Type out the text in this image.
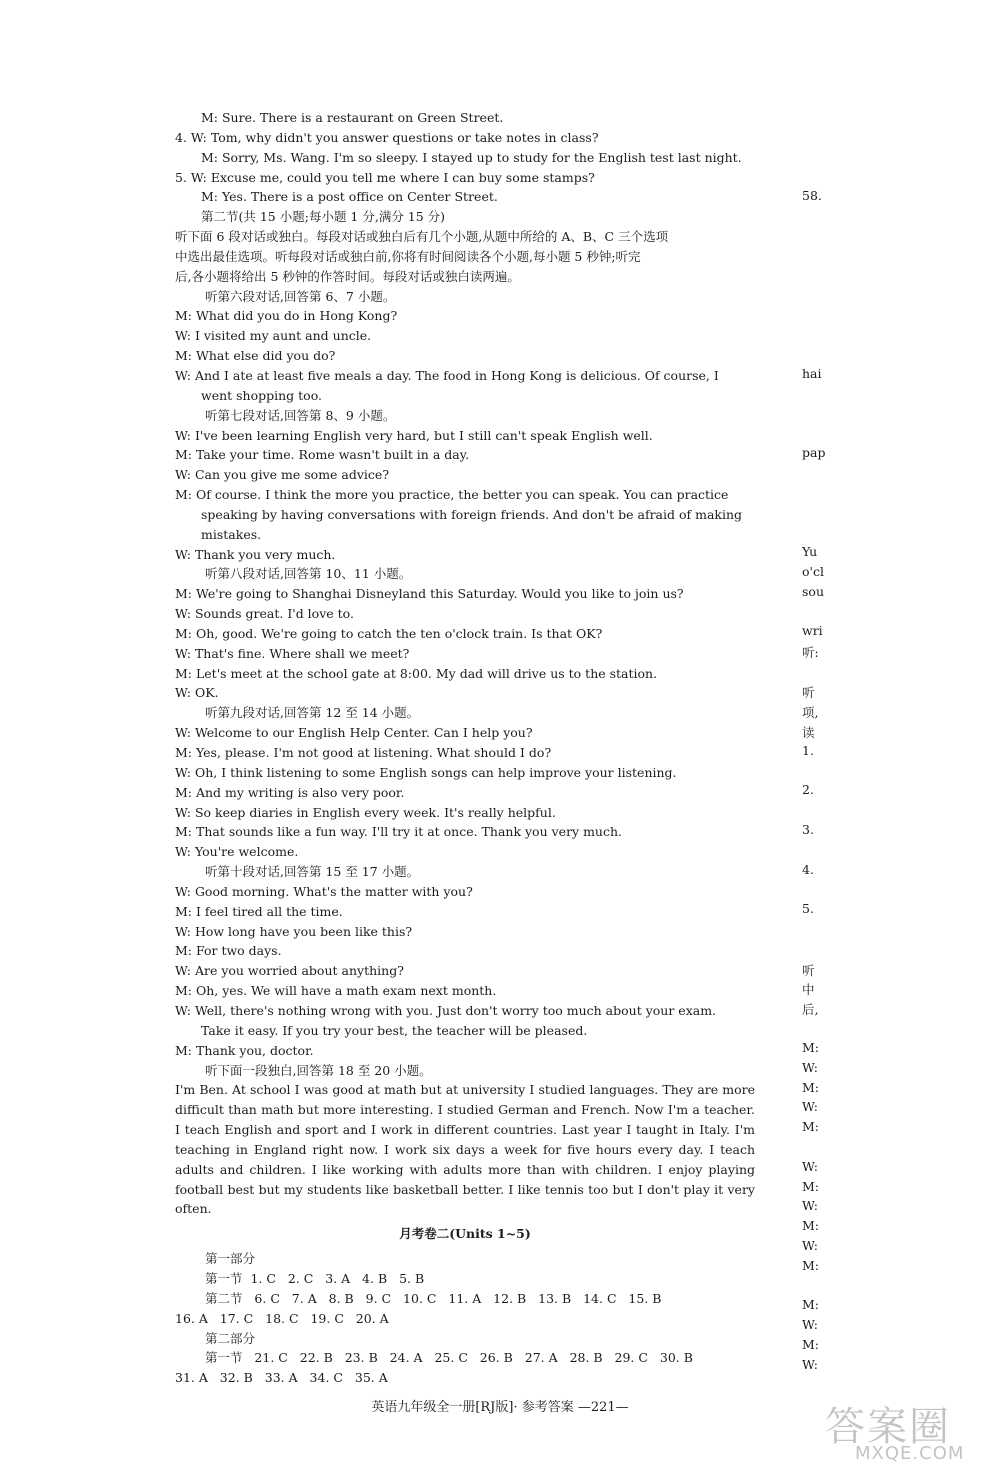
M: Sure. There is a restaurant on Green Street.
4. W: Tom, why didn't you answer questions or take notes in class?
M: Sorry, Ms. Wang. I'm so sleepy. I stayed up to study for the English test last night.
5. W: Excuse me, could you tell me where I can buy some stamps?
M: Yes. There is a post office on Center Street.
第二节(共 15 小题;每小题 1 分,满分 15 分)
听下面 6 段对话或独白。每段对话或独白后有几个小题,从题中所给的 A、B、C 三个选项
中选出最佳选项。听每段对话或独白前,你将有时间阅读各个小题,每小题 5 秒钟;听完
后,各小题将给出 5 秒钟的作答时间。每段对话或独白读两遍。
听第六段对话,回答第 6、7 小题。
M: What did you do in Hong Kong?
W: I visited my aunt and uncle.
M: What else did you do?
W: And I ate at least five meals a day. The food in Hong Kong is delicious. Of course, I
went shopping too.
听第七段对话,回答第 8、9 小题。
W: I've been learning English very hard, but I still can't speak English well.
M: Take your time. Rome wasn't built in a day.
W: Can you give me some advice?
M: Of course. I think the more you practice, the better you can speak. You can practice
speaking by having conversations with foreign friends. And don't be afraid of making
mistakes.
W: Thank you very much.
听第八段对话,回答第 10、11 小题。
M: We're going to Shanghai Disneyland this Saturday. Would you like to join us?
W: Sounds great. I'd love to.
M: Oh, good. We're going to catch the ten o'clock train. Is that OK?
W: That's fine. Where shall we meet?
M: Let's meet at the school gate at 8:00. My dad will drive us to the station.
W: OK.
听第九段对话,回答第 12 至 14 小题。
W: Welcome to our English Help Center. Can I help you?
M: Yes, please. I'm not good at listening. What should I do?
W: Oh, I think listening to some English songs can help improve your listening.
M: And my writing is also very poor.
W: So keep diaries in English every week. It's really helpful.
M: That sounds like a fun way. I'll try it at once. Thank you very much.
W: You're welcome.
听第十段对话,回答第 15 至 17 小题。
W: Good morning. What's the matter with you?
M: I feel tired all the time.
W: How long have you been like this?
M: For two days.
W: Are you worried about anything?
M: Oh, yes. We will have a math exam next month.
W: Well, there's nothing wrong with you. Just don't worry too much about your exam.
Take it easy. If you try your best, the teacher will be pleased.
M: Thank you, doctor.
听下面一段独白,回答第 18 至 20 小题。
I'm Ben. At school I was good at math but at university I studied languages. They are more difficult than math but more interesting. I studied German and French. Now I'm a teacher. I teach English and sport and I work in different countries. Last year I taught in Italy. I'm teaching in England right now. I work six days a week for five hours every day. I teach adults and children. I like working with adults more than with children. I enjoy playing football best but my students like basketball better. I like tennis too but I don't play it very often.
月考卷二(Units 1~5)
第一部分
第一节  1. C   2. C   3. A   4. B   5. B
第二节   6. C   7. A   8. B   9. C   10. C   11. A   12. B   13. B   14. C   15. B
16. A   17. C   18. C   19. C   20. A
第二部分
第一节   21. C   22. B   23. B   24. A   25. C   26. B   27. A   28. B   29. C   30. B
31. A   32. B   33. A   34. C   35. A
58.
hai
pap
Yu
o'cl
sou
wri
听:
听
项,
读
1.
2.
3.
4.
5.
听
中
后,
M:
W:
M:
W:
M:
W:
M:
W:
M:
W:
M:
M:
W:
M:
W:
英语九年级全一册[RJ版]· 参考答案 —221—	答案圈
MXQE.COM
